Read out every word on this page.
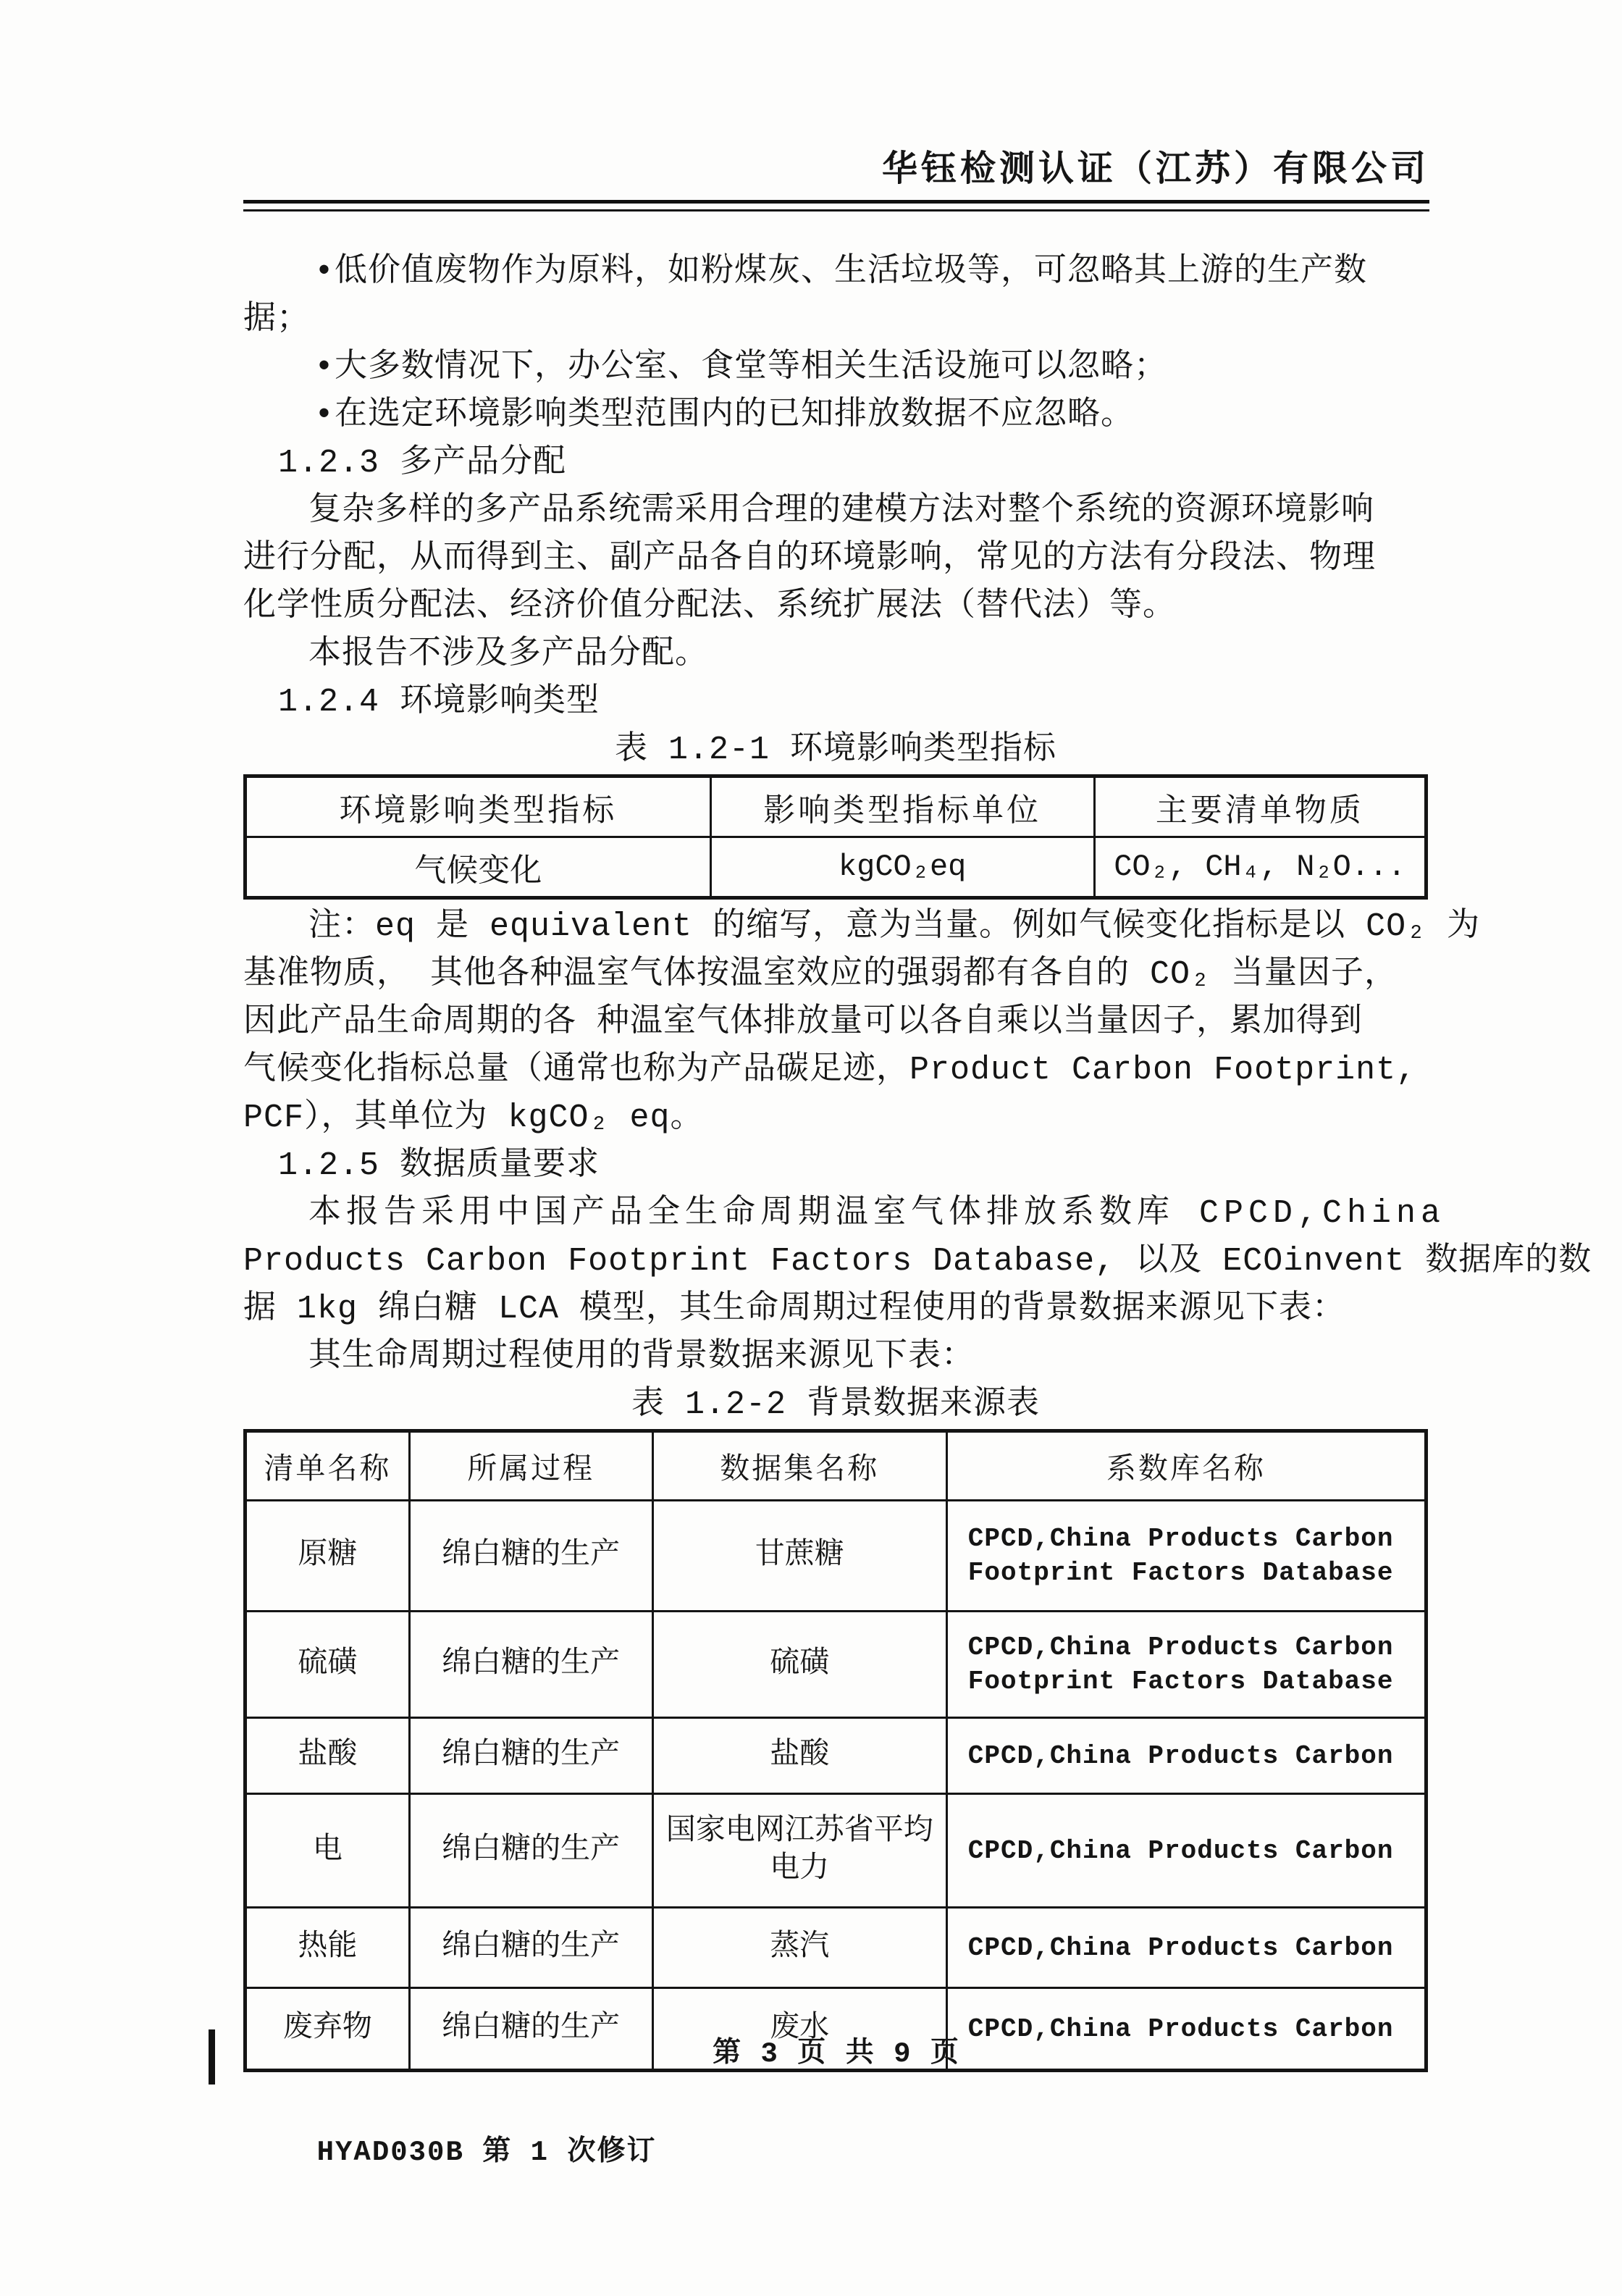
华钰检测认证（江苏）有限公司
•低价值废物作为原料，如粉煤灰、生活垃圾等，可忽略其上游的生产数
据；
•大多数情况下，办公室、食堂等相关生活设施可以忽略；
•在选定环境影响类型范围内的已知排放数据不应忽略。
1.2.3 多产品分配
复杂多样的多产品系统需采用合理的建模方法对整个系统的资源环境影响
进行分配，从而得到主、副产品各自的环境影响，常见的方法有分段法、物理
化学性质分配法、经济价值分配法、系统扩展法（替代法）等。
本报告不涉及多产品分配。
1.2.4 环境影响类型
表 1.2-1 环境影响类型指标
环境影响类型指标	影响类型指标单位	主要清单物质
气候变化	kgCO₂eq	CO₂, CH₄, N₂O...
注：eq 是 equivalent 的缩写，意为当量。例如气候变化指标是以 CO₂ 为
基准物质， 其他各种温室气体按温室效应的强弱都有各自的 CO₂ 当量因子，
因此产品生命周期的各 种温室气体排放量可以各自乘以当量因子，累加得到
气候变化指标总量（通常也称为产品碳足迹，Product Carbon Footprint,
PCF），其单位为 kgCO₂ eq。
1.2.5 数据质量要求
本报告采用中国产品全生命周期温室气体排放系数库 CPCD,China
Products Carbon Footprint Factors Database, 以及 ECOinvent 数据库的数
据 1kg 绵白糖 LCA 模型，其生命周期过程使用的背景数据来源见下表：
其生命周期过程使用的背景数据来源见下表：
表 1.2-2 背景数据来源表
清单名称	所属过程	数据集名称	系数库名称
原糖	绵白糖的生产	甘蔗糖	CPCD,China Products Carbon Footprint Factors Database
硫磺	绵白糖的生产	硫磺	CPCD,China Products Carbon Footprint Factors Database
盐酸	绵白糖的生产	盐酸	CPCD,China Products Carbon
电	绵白糖的生产	国家电网江苏省平均电力	CPCD,China Products Carbon
热能	绵白糖的生产	蒸汽	CPCD,China Products Carbon
废弃物	绵白糖的生产	废水	CPCD,China Products Carbon

HYAD030B 第 1 次修订

第 3 页 共 9 页
